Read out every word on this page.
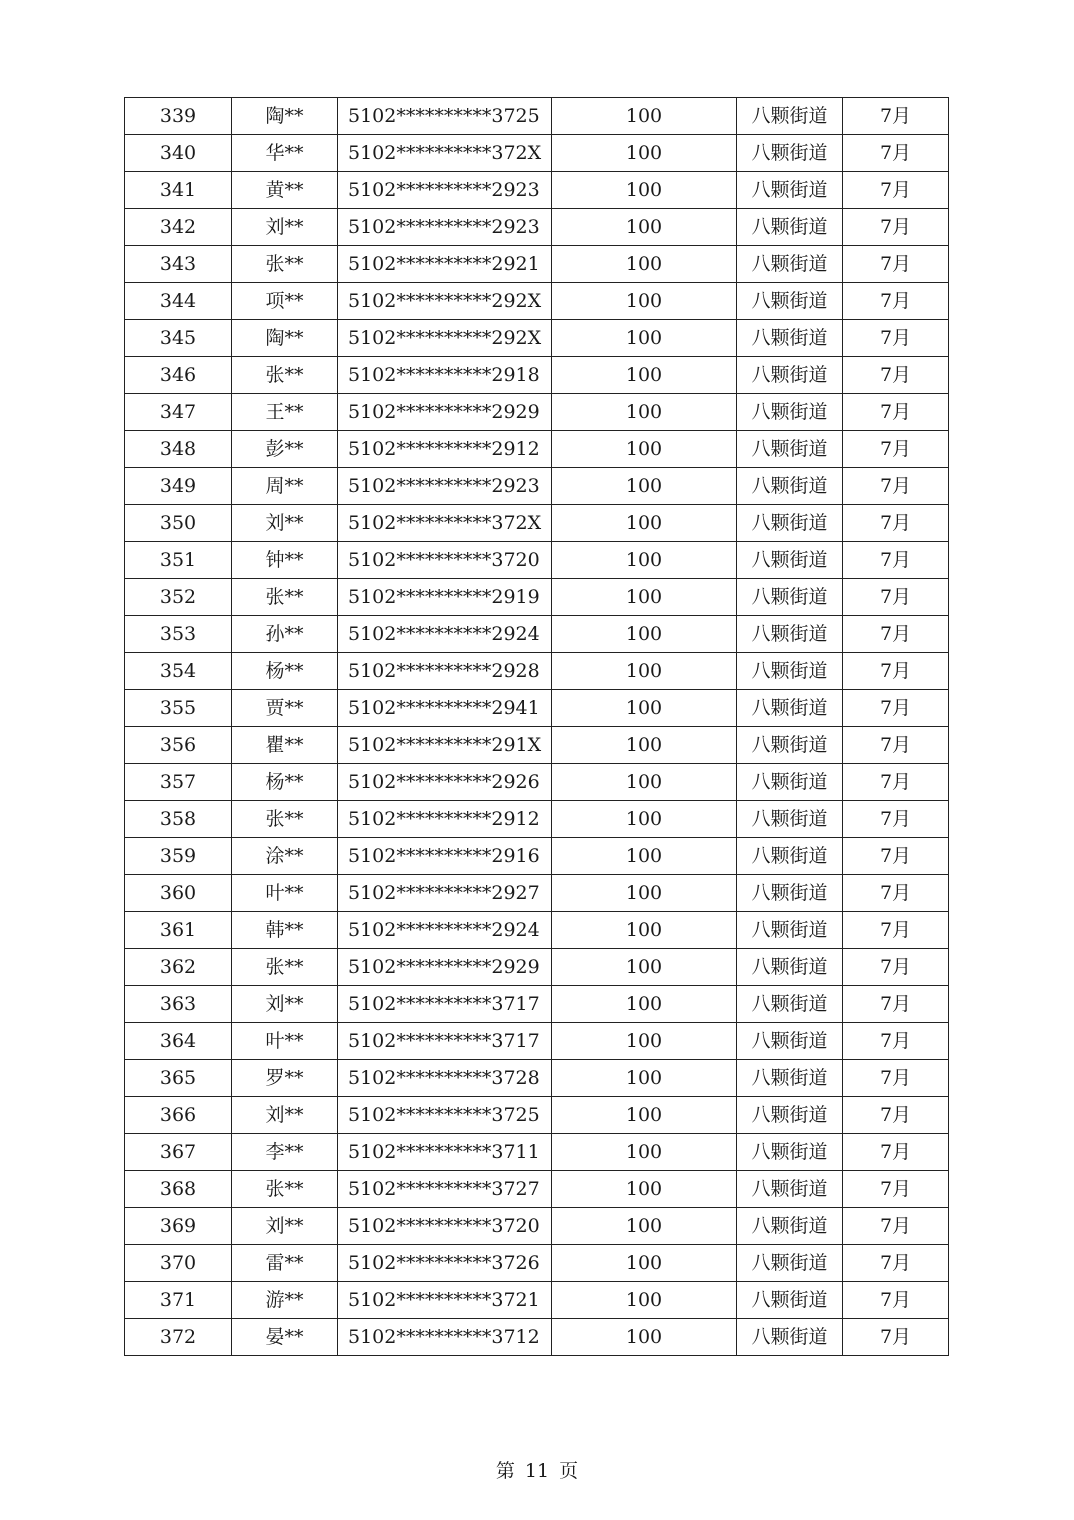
339	陶**	5102**********3725	100	八颗街道	7月
340	华**	5102**********372X	100	八颗街道	7月
341	黄**	5102**********2923	100	八颗街道	7月
342	刘**	5102**********2923	100	八颗街道	7月
343	张**	5102**********2921	100	八颗街道	7月
344	项**	5102**********292X	100	八颗街道	7月
345	陶**	5102**********292X	100	八颗街道	7月
346	张**	5102**********2918	100	八颗街道	7月
347	王**	5102**********2929	100	八颗街道	7月
348	彭**	5102**********2912	100	八颗街道	7月
349	周**	5102**********2923	100	八颗街道	7月
350	刘**	5102**********372X	100	八颗街道	7月
351	钟**	5102**********3720	100	八颗街道	7月
352	张**	5102**********2919	100	八颗街道	7月
353	孙**	5102**********2924	100	八颗街道	7月
354	杨**	5102**********2928	100	八颗街道	7月
355	贾**	5102**********2941	100	八颗街道	7月
356	瞿**	5102**********291X	100	八颗街道	7月
357	杨**	5102**********2926	100	八颗街道	7月
358	张**	5102**********2912	100	八颗街道	7月
359	涂**	5102**********2916	100	八颗街道	7月
360	叶**	5102**********2927	100	八颗街道	7月
361	韩**	5102**********2924	100	八颗街道	7月
362	张**	5102**********2929	100	八颗街道	7月
363	刘**	5102**********3717	100	八颗街道	7月
364	叶**	5102**********3717	100	八颗街道	7月
365	罗**	5102**********3728	100	八颗街道	7月
366	刘**	5102**********3725	100	八颗街道	7月
367	李**	5102**********3711	100	八颗街道	7月
368	张**	5102**********3727	100	八颗街道	7月
369	刘**	5102**********3720	100	八颗街道	7月
370	雷**	5102**********3726	100	八颗街道	7月
371	游**	5102**********3721	100	八颗街道	7月
372	晏**	5102**********3712	100	八颗街道	7月
第 11 页
